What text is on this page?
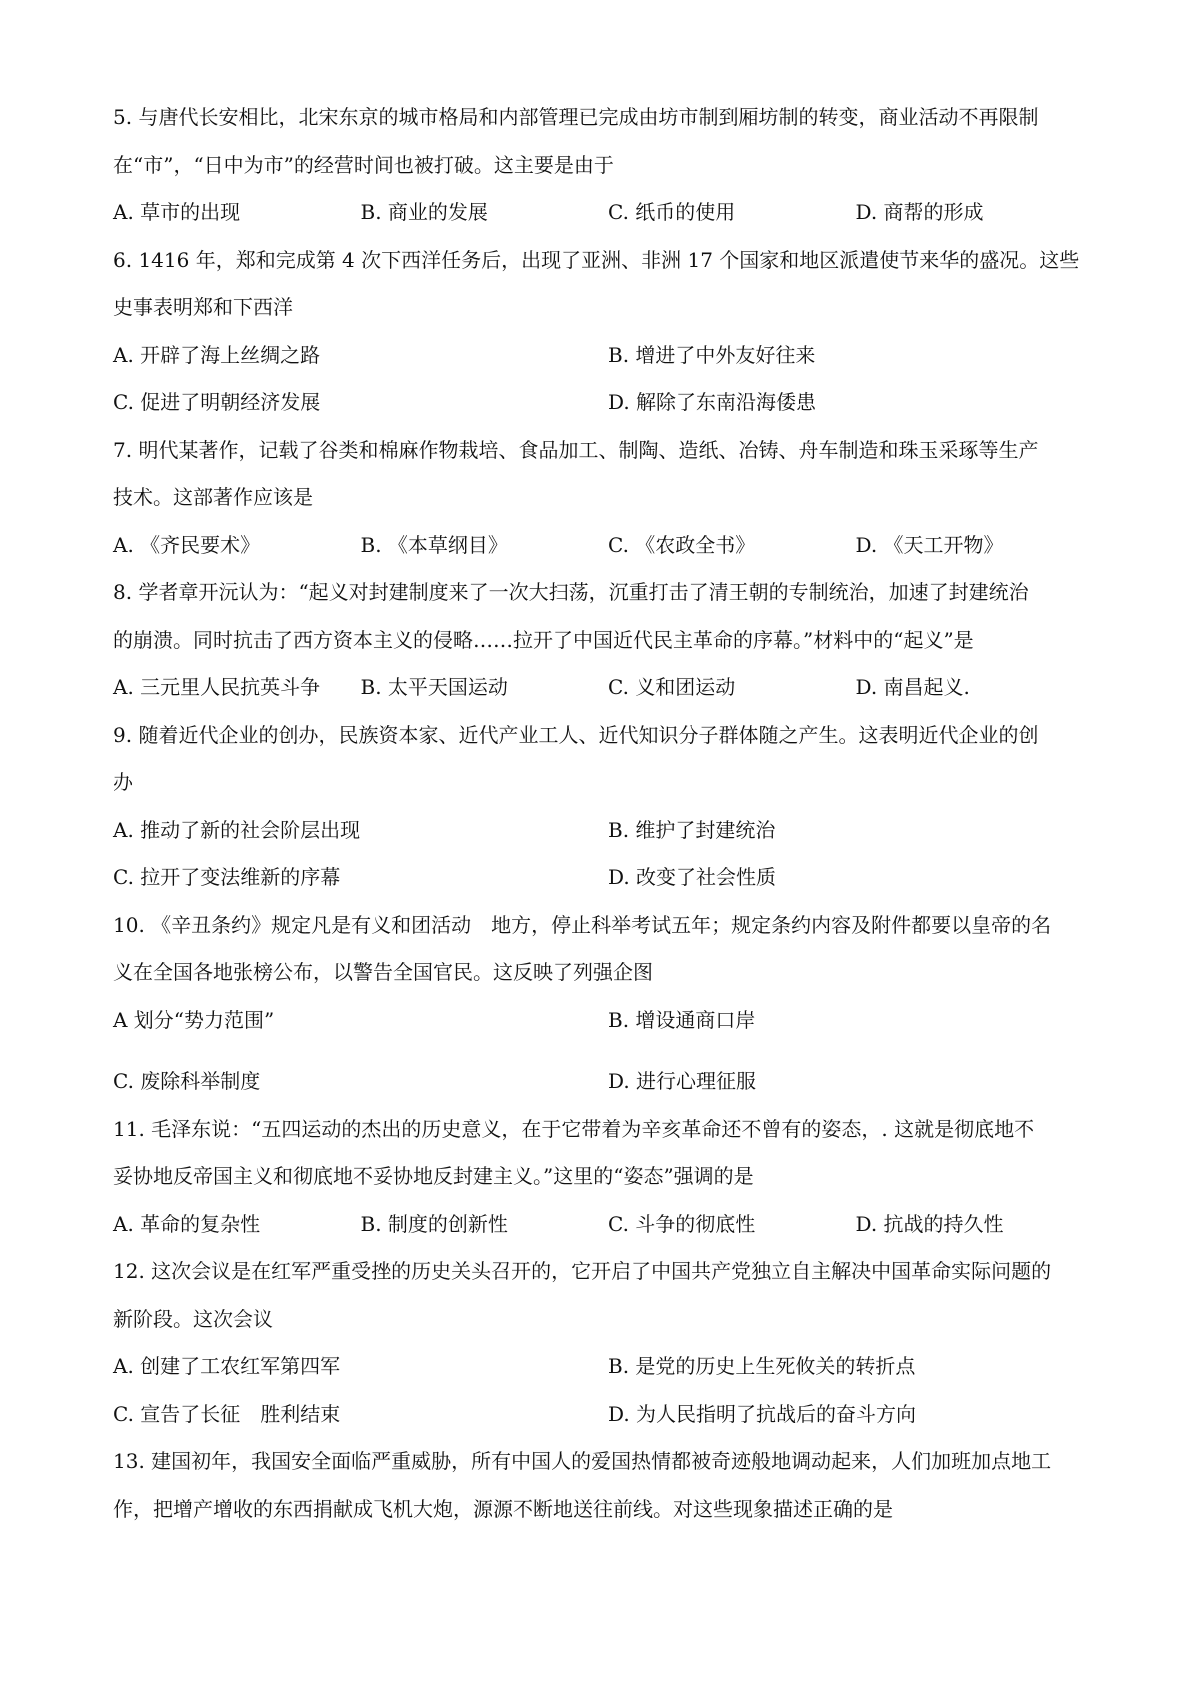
5. 与唐代长安相比，北宋东京的城市格局和内部管理已完成由坊市制到厢坊制的转变，商业活动不再限制
在“市”，“日中为市”的经营时间也被打破。这主要是由于
A. 草市的出现	B. 商业的发展	C. 纸币的使用	D. 商帮的形成
6. 1416 年，郑和完成第 4 次下西洋任务后，出现了亚洲、非洲 17 个国家和地区派遣使节来华的盛况。这些
史事表明郑和下西洋
A. 开辟了海上丝绸之路	B. 增进了中外友好往来
C. 促进了明朝经济发展	D. 解除了东南沿海倭患
7. 明代某著作，记载了谷类和棉麻作物栽培、食品加工、制陶、造纸、冶铸、舟车制造和珠玉采琢等生产
技术。这部著作应该是
A. 《齐民要术》	B. 《本草纲目》	C. 《农政全书》	D. 《天工开物》
8. 学者章开沅认为：“起义对封建制度来了一次大扫荡，沉重打击了清王朝的专制统治，加速了封建统治
的崩溃。同时抗击了西方资本主义的侵略……拉开了中国近代民主革命的序幕。”材料中的“起义”是
A. 三元里人民抗英斗争	B. 太平天国运动	C. 义和团运动	D. 南昌起义.
9. 随着近代企业的创办，民族资本家、近代产业工人、近代知识分子群体随之产生。这表明近代企业的创
办
A. 推动了新的社会阶层出现	B. 维护了封建统治
C. 拉开了变法维新的序幕	D. 改变了社会性质
10. 《辛丑条约》规定凡是有义和团活动　地方，停止科举考试五年；规定条约内容及附件都要以皇帝的名
义在全国各地张榜公布，以警告全国官民。这反映了列强企图
A 划分“势力范围”	B. 增设通商口岸
C. 废除科举制度	D. 进行心理征服
11. 毛泽东说：“五四运动的杰出的历史意义，在于它带着为辛亥革命还不曾有的姿态，. 这就是彻底地不
妥协地反帝国主义和彻底地不妥协地反封建主义。”这里的“姿态”强调的是
A. 革命的复杂性	B. 制度的创新性	C. 斗争的彻底性	D. 抗战的持久性
12. 这次会议是在红军严重受挫的历史关头召开的，它开启了中国共产党独立自主解决中国革命实际问题的
新阶段。这次会议
A. 创建了工农红军第四军	B. 是党的历史上生死攸关的转折点
C. 宣告了长征　胜利结束	D. 为人民指明了抗战后的奋斗方向
13. 建国初年，我国安全面临严重威胁，所有中国人的爱国热情都被奇迹般地调动起来，人们加班加点地工
作，把增产增收的东西捐献成飞机大炮，源源不断地送往前线。对这些现象描述正确的是
